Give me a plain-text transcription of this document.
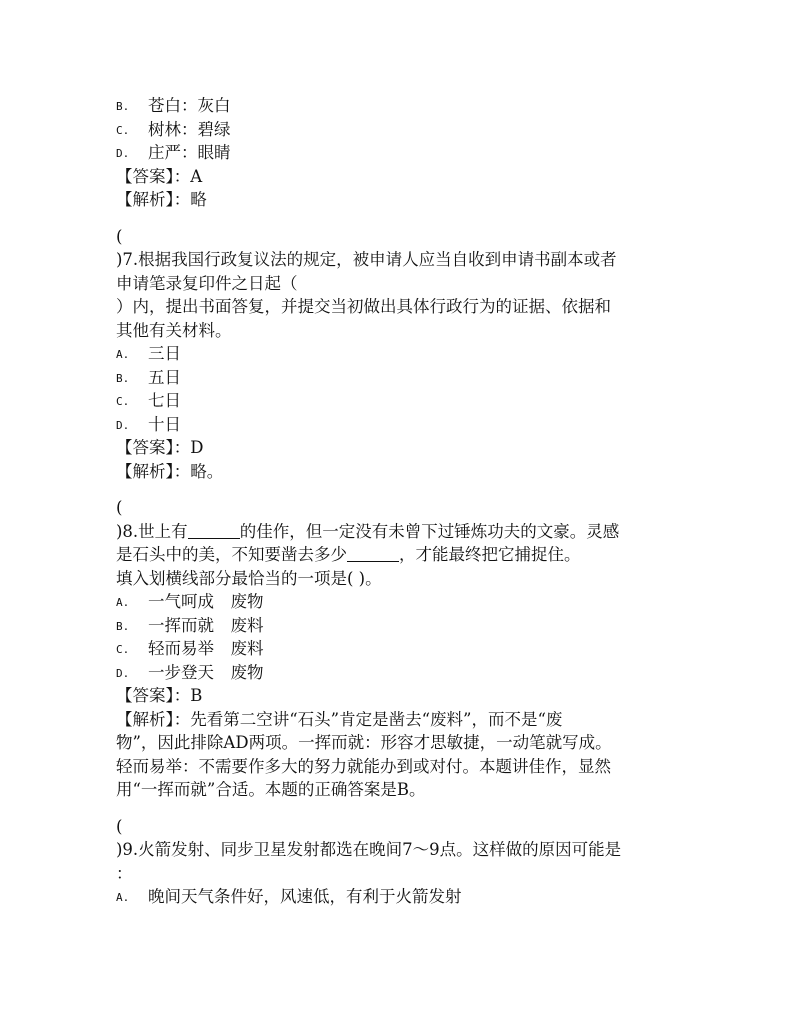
B. 苍白：灰白
C. 树林：碧绿
D. 庄严：眼睛
【答案】：A
【解析】：略
(
)7.根据我国行政复议法的规定，被申请人应当自收到申请书副本或者
申请笔录复印件之日起（
）内，提出书面答复，并提交当初做出具体行政行为的证据、依据和
其他有关材料。
A. 三日
B. 五日
C. 七日
D. 十日
【答案】：D
【解析】：略。
(
)8.世上有	的佳作，但一定没有未曾下过锤炼功夫的文豪。灵感
是石头中的美，不知要凿去多少	，才能最终把它捕捉住。
填入划横线部分最恰当的一项是( )。
A. 一气呵成　废物
B. 一挥而就　废料
C. 轻而易举　废料
D. 一步登天　废物
【答案】：B
【解析】：先看第二空讲“石头”肯定是凿去“废料”，而不是“废
物”，因此排除AD两项。一挥而就：形容才思敏捷，一动笔就写成。
轻而易举：不需要作多大的努力就能办到或对付。本题讲佳作，显然
用“一挥而就”合适。本题的正确答案是B。
(
)9.火箭发射、同步卫星发射都选在晚间7～9点。这样做的原因可能是
：
A. 晚间天气条件好，风速低，有利于火箭发射
